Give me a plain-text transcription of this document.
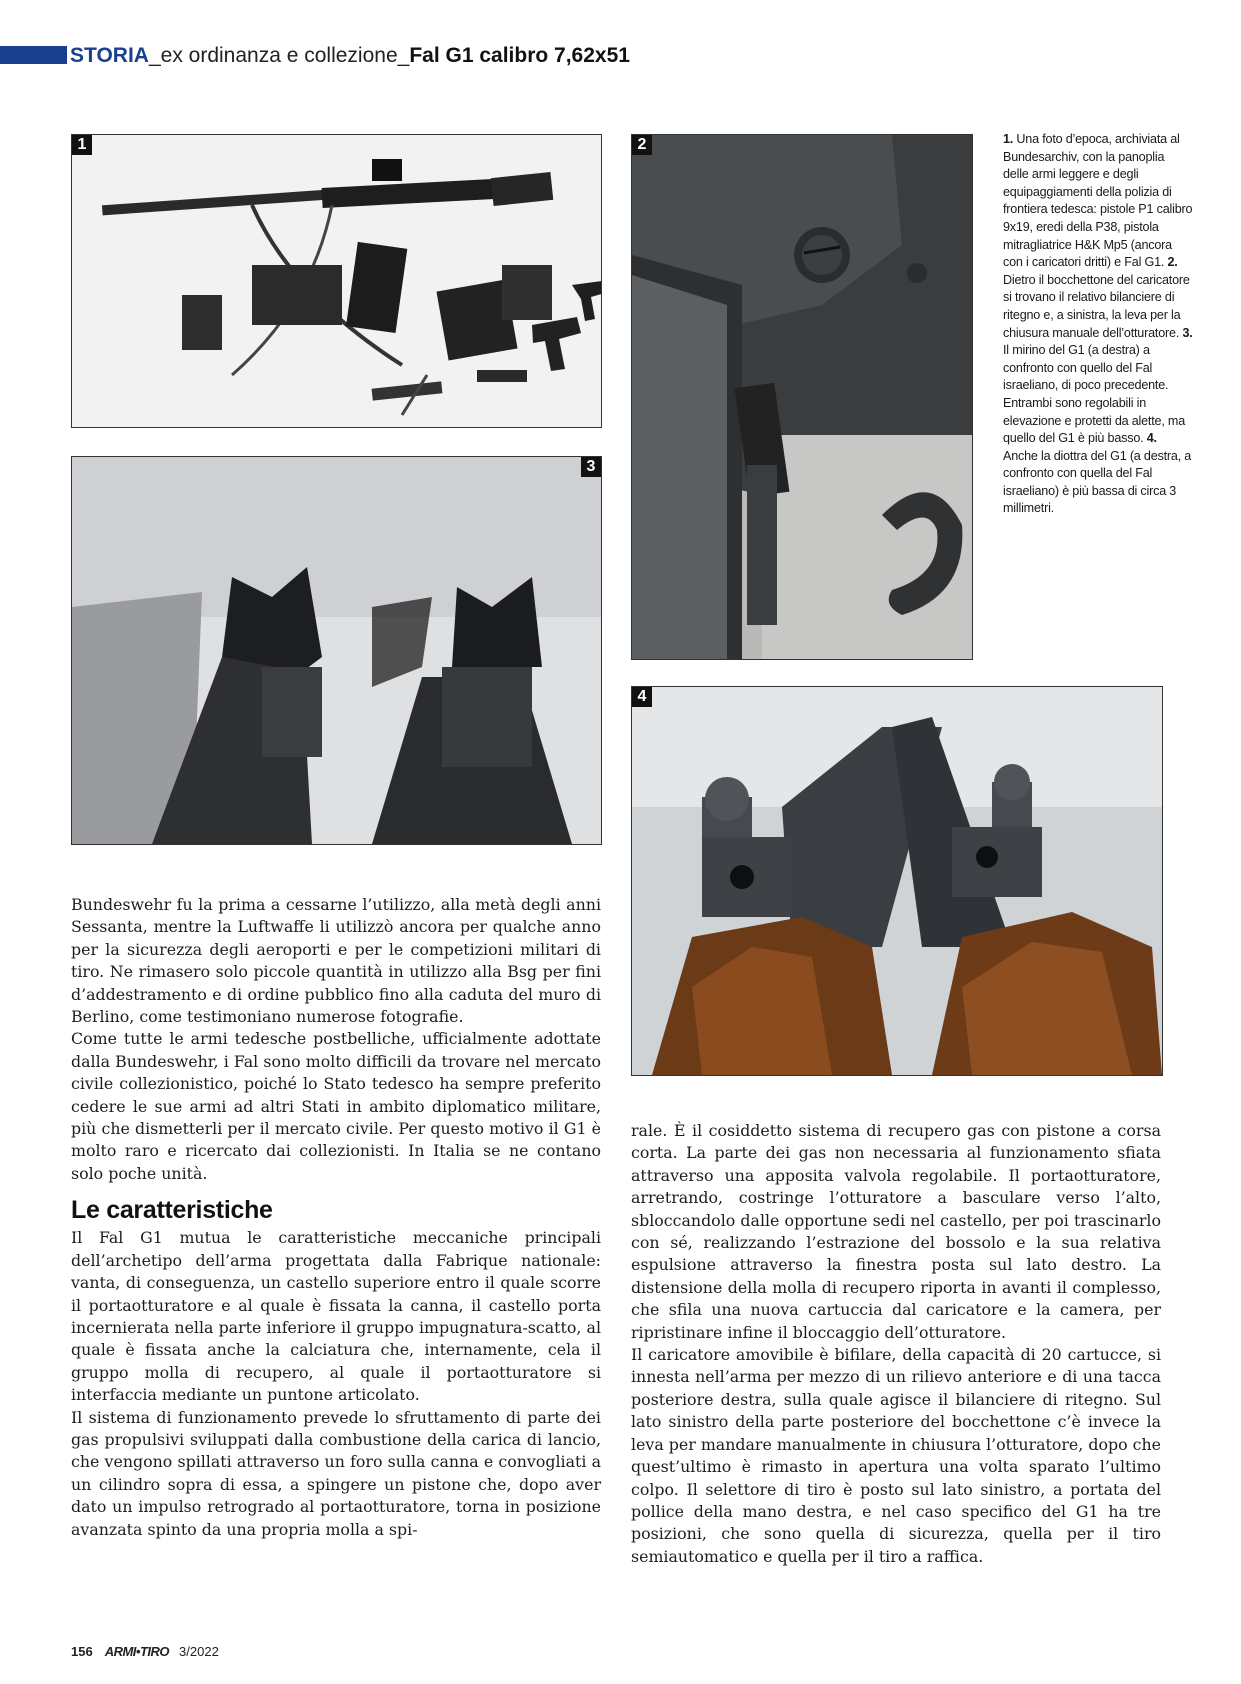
STORIA_ex ordinanza e collezione_Fal G1 calibro 7,62x51
1	2
3
4
1. Una foto d’epoca, archiviata al Bundesarchiv, con la panoplia delle armi leggere e degli equipaggiamenti della polizia di frontiera tedesca: pistole P1 calibro 9x19, eredi della P38, pistola mitragliatrice H&K Mp5 (ancora con i caricatori dritti) e Fal G1. 2. Dietro il bocchettone del caricatore si trovano il relativo bilanciere di ritegno e, a sinistra, la leva per la chiusura manuale dell’otturatore. 3. Il mirino del G1 (a destra) a confronto con quello del Fal israeliano, di poco precedente. Entrambi sono regolabili in elevazione e protetti da alette, ma quello del G1 è più basso. 4. Anche la diottra del G1 (a destra, a confronto con quella del Fal israeliano) è più bassa di circa 3 millimetri.

Bundeswehr fu la prima a cessarne l’utilizzo, alla metà degli anni Sessanta, mentre la Luftwaffe li utilizzò ancora per qualche anno per la sicurezza degli aeroporti e per le competizioni militari di tiro. Ne rimasero solo piccole quantità in utilizzo alla Bsg per fini d’addestramento e di ordine pubblico fino alla caduta del muro di Berlino, come testimoniano numerose fotografie.

Come tutte le armi tedesche postbelliche, ufficialmente adottate dalla Bundeswehr, i Fal sono molto difficili da trovare nel mercato civile collezionistico, poiché lo Stato tedesco ha sempre preferito cedere le sue armi ad altri Stati in ambito diplomatico militare, più che dismetterli per il mercato civile. Per questo motivo il G1 è molto raro e ricercato dai collezionisti. In Italia se ne contano solo poche unità.

Le caratteristiche

Il Fal G1 mutua le caratteristiche meccaniche principali dell’archetipo dell’arma progettata dalla Fabrique nationale: vanta, di conseguenza, un castello superiore entro il quale scorre il portaotturatore e al quale è fissata la canna, il castello porta incernierata nella parte inferiore il gruppo impugnatura-scatto, al quale è fissata anche la calciatura che, internamente, cela il gruppo molla di recupero, al quale il portaotturatore si interfaccia mediante un puntone articolato.

Il sistema di funzionamento prevede lo sfruttamento di parte dei gas propulsivi sviluppati dalla combustione della carica di lancio, che vengono spillati attraverso un foro sulla canna e convogliati a un cilindro sopra di essa, a spingere un pistone che, dopo aver dato un impulso retrogrado al portaotturatore, torna in posizione avanzata spinto da una propria molla a spi-

rale. È il cosiddetto sistema di recupero gas con pistone a corsa corta. La parte dei gas non necessaria al funzionamento sfiata attraverso una apposita valvola regolabile. Il portaotturatore, arretrando, costringe l’otturatore a basculare verso l’alto, sbloccandolo dalle opportune sedi nel castello, per poi trascinarlo con sé, realizzando l’estrazione del bossolo e la sua relativa espulsione attraverso la finestra posta sul lato destro. La distensione della molla di recupero riporta in avanti il complesso, che sfila una nuova cartuccia dal caricatore e la camera, per ripristinare infine il bloccaggio dell’otturatore.

Il caricatore amovibile è bifilare, della capacità di 20 cartucce, si innesta nell’arma per mezzo di un rilievo anteriore e di una tacca posteriore destra, sulla quale agisce il bilanciere di ritegno. Sul lato sinistro della parte posteriore del bocchettone c’è invece la leva per mandare manualmente in chiusura l’otturatore, dopo che quest’ultimo è rimasto in apertura una volta sparato l’ultimo colpo. Il selettore di tiro è posto sul lato sinistro, a portata del pollice della mano destra, e nel caso specifico del G1 ha tre posizioni, che sono quella di sicurezza, quella per il tiro semiautomatico e quella per il tiro a raffica.

156 ARMI•TIRO 3/2022
